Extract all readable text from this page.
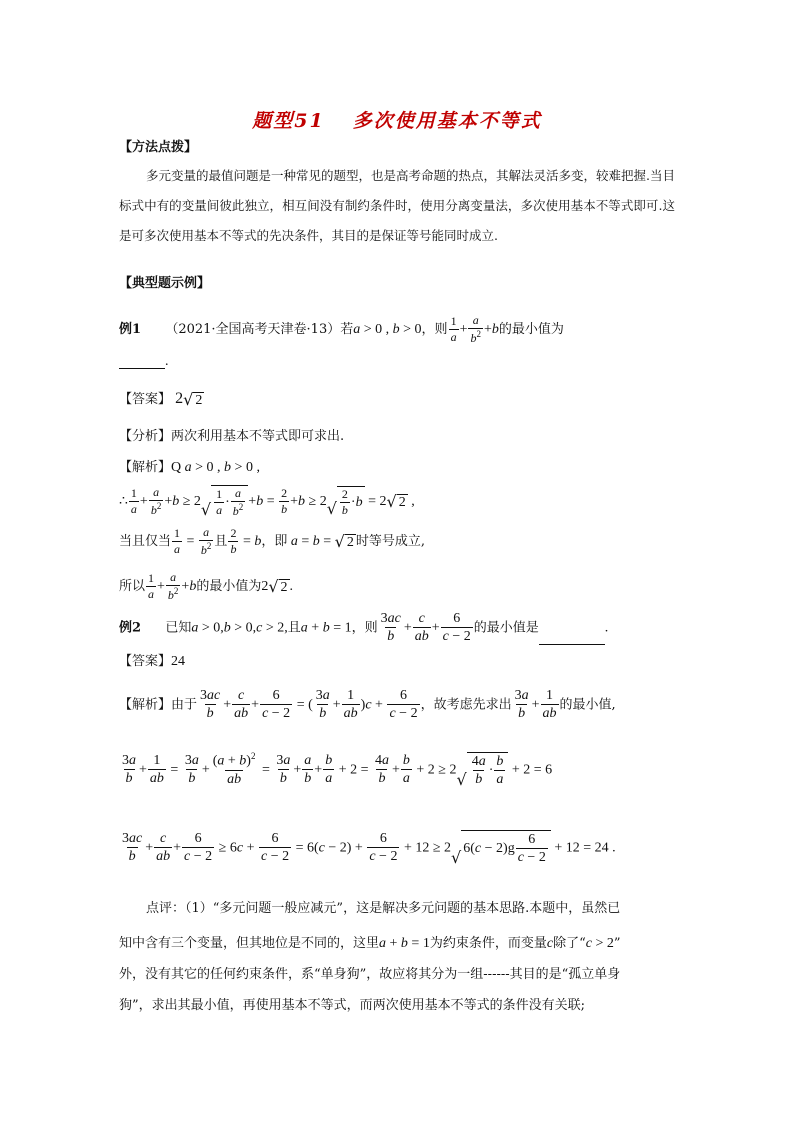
题型51 多次使用基本不等式
【方法点拨】
多元变量的最值问题是一种常见的题型，也是高考命题的热点，其解法灵活多变，较难把握.当目标式中有的变量间彼此独立，相互间没有制约条件时，使用分离变量法，多次使用基本不等式即可.这是可多次使用基本不等式的先决条件，其目的是保证等号能同时成立.
【典型题示例】
例1 （2021·全国高考天津卷·13）若a > 0 , b > 0，则 $\frac{1}{a} + \frac{a}{b^2} +b$的最小值为
.
【答案】 2 √ 2
【分析】两次利用基本不等式即可求出.
【解析】Q a > 0 , b > 0 ,
∴ $\frac{1}{a} + \frac{a}{b^2} +b \ge 2$ √ $\frac{1}{a} \cdot \frac{a}{b^2} +b = \frac{2}{b} +b \ge 2$ √ $\frac{2}{b} \cdot b = 2$ √ 2 ,
当且仅当 $\frac{1}{a} = \frac{a}{b^2}$ 且 $\frac{2}{b} = b$，即 a = b = √ 2 时等号成立,
所以 $\frac{1}{a} + \frac{a}{b^2} +b$的最小值为2 √ 2 .
例2 已知a > 0,b > 0,c > 2,且a + b = 1，则 $\frac{3ac}{b} + \frac{c}{ab} + \frac{6}{c - 2}$ 的最小值是	.
【答案】24
【解析】由于 $\frac{3ac}{b} + \frac{c}{ab} + \frac{6}{c - 2}$ = ( $\frac{3a}{b} + \frac{1}{ab} )c + \frac{6}{c - 2}$ ，故考虑先求出 $\frac{3a}{b} + \frac{1}{ab}$ 的最小值,
$\frac{3a}{b} + \frac{1}{ab} = \frac{3a}{b} + \frac{(a + b)^2}{ab} = \frac{3a}{b} + \frac{a}{b} + \frac{b}{a} + 2 = \frac{4a}{b} + \frac{b}{a} + 2 \ge 2$ √ $\frac{4a}{b} \cdot \frac{b}{a} + 2 = 6$
$\frac{3ac}{b} + \frac{c}{ab} + \frac{6}{c - 2} \ge 6c + \frac{6}{c - 2} = 6(c - 2) + \frac{6}{c - 2} + 12 \ge 2$ √ $6(c - 2)g \frac{6}{c - 2} + 12 = 24$ .
点评：（1）“多元问题一般应减元”，这是解决多元问题的基本思路.本题中，虽然已
知中含有三个变量，但其地位是不同的，这里a + b = 1为约束条件，而变量c除了“c > 2”
外，没有其它的任何约束条件，系“单身狗”，故应将其分为一组------其目的是“孤立单身
狗”，求出其最小值，再使用基本不等式，而两次使用基本不等式的条件没有关联;
